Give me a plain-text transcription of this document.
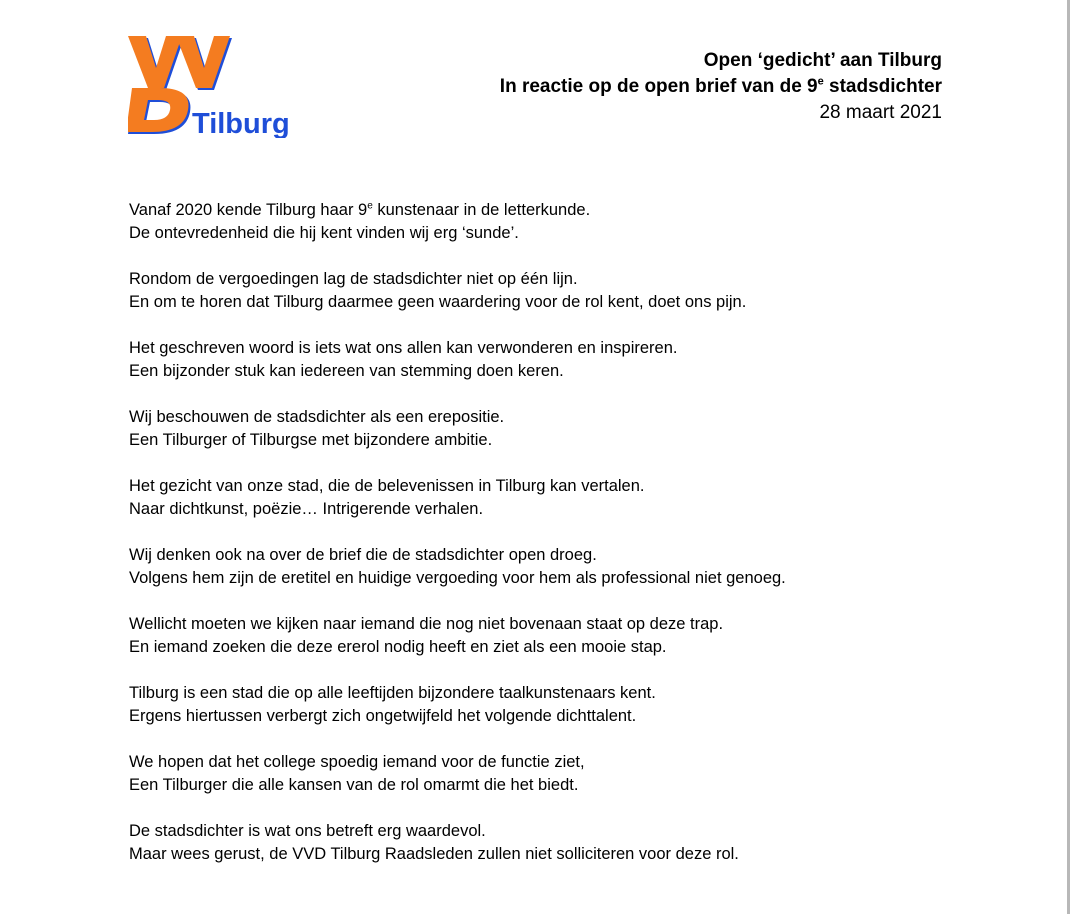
Tilburg
Open ‘gedicht’ aan Tilburg
In reactie op de open brief van de 9e stadsdichter
28 maart 2021
Vanaf 2020 kende Tilburg haar 9e kunstenaar in de letterkunde.
De ontevredenheid die hij kent vinden wij erg ‘sunde’.
Rondom de vergoedingen lag de stadsdichter niet op één lijn.
En om te horen dat Tilburg daarmee geen waardering voor de rol kent, doet ons pijn.
Het geschreven woord is iets wat ons allen kan verwonderen en inspireren.
Een bijzonder stuk kan iedereen van stemming doen keren.
Wij beschouwen de stadsdichter als een erepositie.
Een Tilburger of Tilburgse met bijzondere ambitie.
Het gezicht van onze stad, die de belevenissen in Tilburg kan vertalen.
Naar dichtkunst, poëzie… Intrigerende verhalen.
Wij denken ook na over de brief die de stadsdichter open droeg.
Volgens hem zijn de eretitel en huidige vergoeding voor hem als professional niet genoeg.
Wellicht moeten we kijken naar iemand die nog niet bovenaan staat op deze trap.
En iemand zoeken die deze ererol nodig heeft en ziet als een mooie stap.
Tilburg is een stad die op alle leeftijden bijzondere taalkunstenaars kent.
Ergens hiertussen verbergt zich ongetwijfeld het volgende dichttalent.
We hopen dat het college spoedig iemand voor de functie ziet,
Een Tilburger die alle kansen van de rol omarmt die het biedt.
De stadsdichter is wat ons betreft erg waardevol.
Maar wees gerust, de VVD Tilburg Raadsleden zullen niet solliciteren voor deze rol.
